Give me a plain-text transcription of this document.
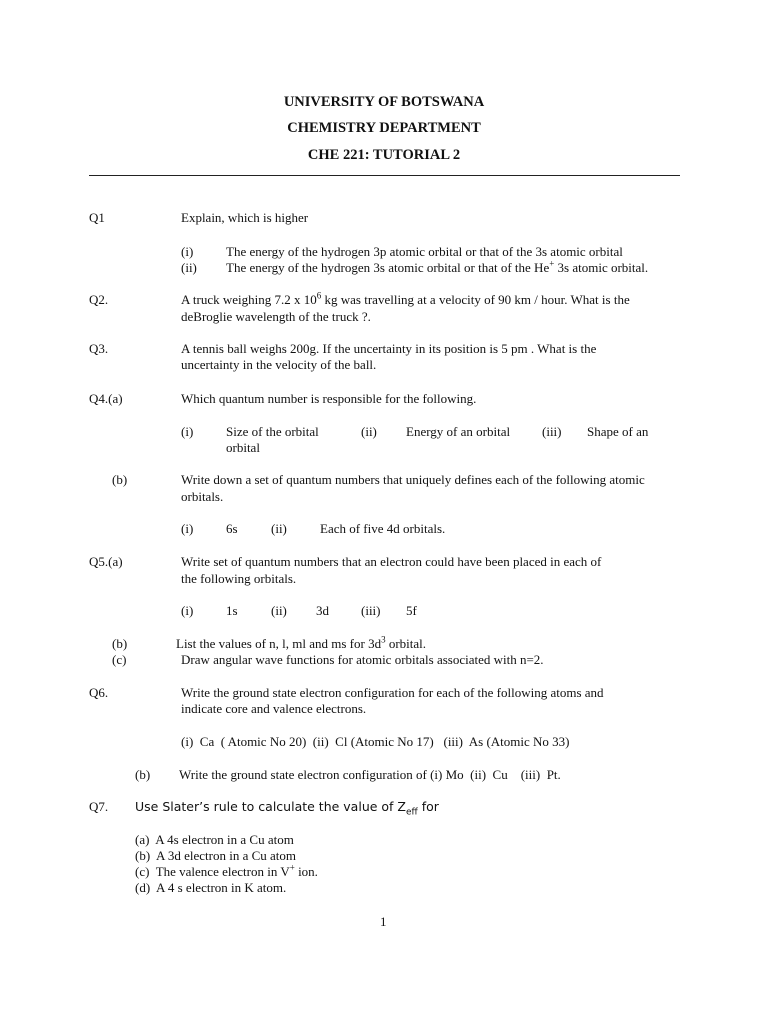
UNIVERSITY OF BOTSWANA
CHEMISTRY DEPARTMENT
CHE 221: TUTORIAL 2
Q1	Explain, which is higher
(i)	The energy of the hydrogen 3p atomic orbital or that of the 3s atomic orbital
(ii) The energy of the hydrogen 3s atomic orbital or that of the He+ 3s atomic orbital.
Q2.	A truck weighing 7.2 x $10^6$ kg was travelling at a velocity of 90 km / hour. What is the
deBroglie wavelength of the truck ?.
Q3.	A tennis ball weighs 200g. If the uncertainty in its position is 5 pm . What is the
uncertainty in the velocity of the ball.
Q4.(a)	Which quantum number is responsible for the following.
(i)	Size of the orbital	(ii) Energy of an orbital (iii) Shape of an
orbital
(b)	Write down a set of quantum numbers that uniquely defines each of the following atomic
orbitals.
(i)	6s	(ii)	Each of five 4d orbitals.
Q5.(a)	Write set of quantum numbers that an electron could have been placed in each of
the following orbitals.
(i)	1s	(ii) 3d (iii) 5f
(b)	List the values of n, l, ml and ms for $3d^3$ orbital.
(c)	Draw angular wave functions for atomic orbitals associated with n=2.
Q6.	Write the ground state electron configuration for each of the following atoms and
indicate core and valence electrons.
(i)  Ca  ( Atomic No 20)  (ii)  Cl (Atomic No 17)   (iii)  As (Atomic No 33)
(b) Write the ground state electron configuration of (i) Mo  (ii)  Cu    (iii)  Pt.
Q7. Use Slater’s rule to calculate the value of $Z_{eff}$ for
(a)  A 4s electron in a Cu atom
(b)  A 3d electron in a Cu atom
(c)  The valence electron in V+ ion.
(d)  A 4 s electron in K atom.
1
